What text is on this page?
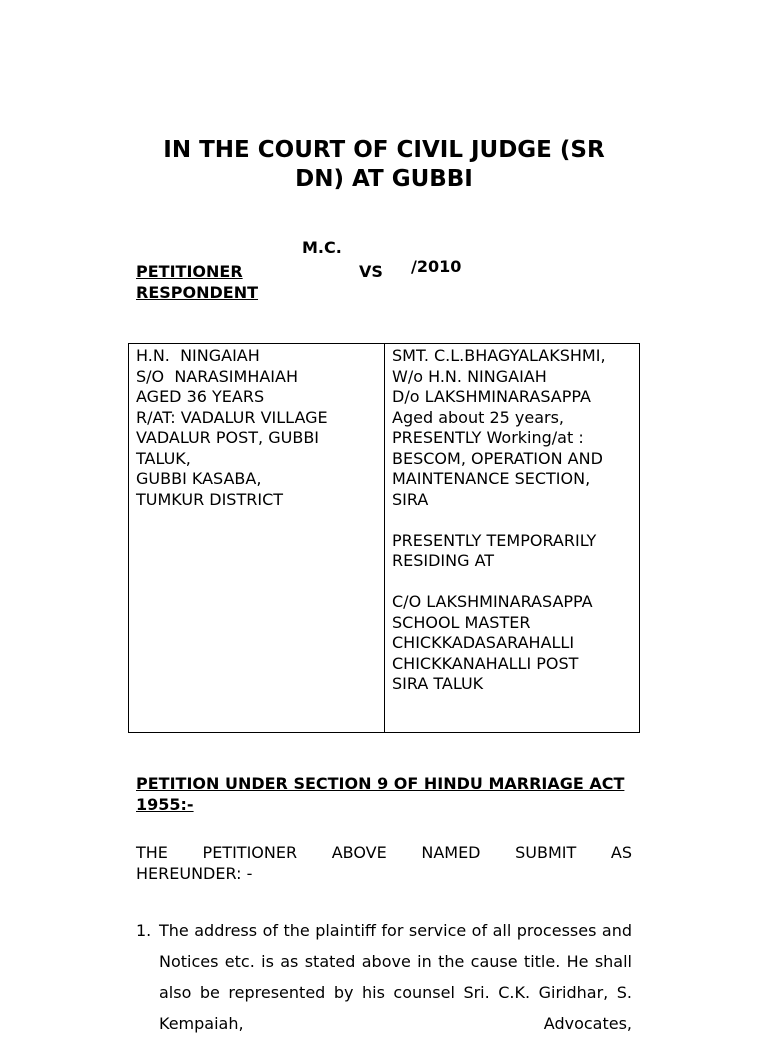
IN THE COURT OF CIVIL JUDGE (SR DN) AT GUBBI

M.C.

/2010

PETITIONER	VS
RESPONDENT
H.N.  NINGAIAH
S/O  NARASIMHAIAH
AGED 36 YEARS
R/AT: VADALUR VILLAGE
VADALUR POST, GUBBI
TALUK,
GUBBI KASABA,
TUMKUR DISTRICT

SMT. C.L.BHAGYALAKSHMI,
W/o H.N. NINGAIAH
D/o LAKSHMINARASAPPA
Aged about 25 years,
PRESENTLY Working/at :
BESCOM, OPERATION AND
MAINTENANCE SECTION,
SIRA
PRESENTLY TEMPORARILY
RESIDING AT
C/O LAKSHMINARASAPPA
SCHOOL MASTER
CHICKKADASARAHALLI
CHICKKANAHALLI POST
SIRA TALUK
PETITION UNDER SECTION 9 OF HINDU MARRIAGE ACT 1955:-
THE PETITIONER ABOVE NAMED SUBMIT AS
HEREUNDER: -
1. The address of the plaintiff for service of all processes and Notices etc. is as stated above in the cause title. He shall also be represented by his counsel Sri. C.K. Giridhar, S. Kempaiah, Advocates,
